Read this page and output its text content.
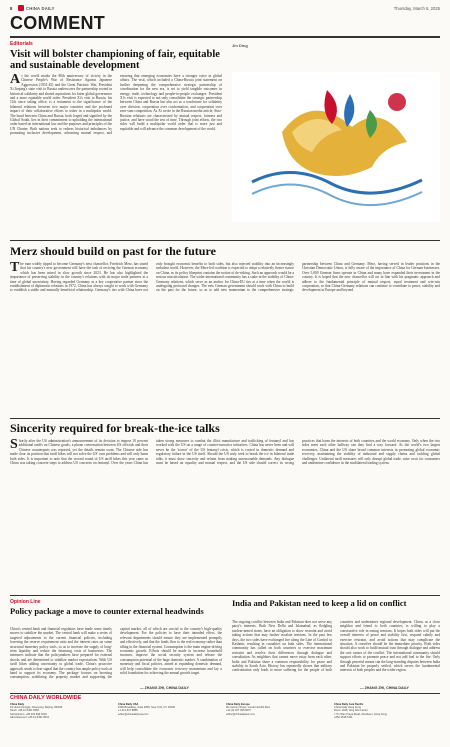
8	CHINA DAILY	Thursday, March 6, 2025
COMMENT
Editorials
Visit will bolster championing of fair, equitable and sustainable development
As the world marks the 80th anniversary of victory in the Chinese People's War of Resistance Against Japanese Aggression (1931-45) and the Great Patriotic War, President Xi Jinping's state visit to Russia underscores the partnership rooted in historical solidarity and shared aspirations for fairer global governance and a more equitable world order. President Xi's visit to Russia, his 11th since taking office, is a testament to the significance of the bilateral relations between two major countries and the profound impact of their collaborative efforts to usher in a multipolar world. The bond between China and Russia, both forged and signified by the Global South, lies in their commitment to upholding the international order based on international law and the purposes and principles of the UN Charter. Both nations seek to redress historical imbalances by promoting inclusive development, advancing mutual respect, and ensuring that emerging economies have a stronger voice in global affairs. The visit, which included a China-Russia joint statement on further deepening the comprehensive strategic partnership of coordination for the new era, is set to yield tangible outcomes in energy, trade, technology and people-to-people exchanges. President Xi's visit is expected to not only consolidate the strategic partnership between China and Russia but also act as a touchstone for solidarity over division, cooperation over confrontation, and cooperation over zero-sum competition. As Xi wrote in the Russian media article, Sino-Russian relations are characterized by mutual respect, fairness and justice, and have stood the test of time. Through joint efforts, the two sides will build a multipolar world order that is more just and equitable and will advance the common development of the world.
Jin Ding
Merz should build on past for the future
The man widely tipped to become Germany's next chancellor, Friedrich Merz, has stated that his country's new government will have the task of reviving the German economy which has been mired in slow growth since 2023. He has also highlighted the importance of preserving stability in the country's relations with its major trade partners at a time of global uncertainty. Having regarded Germany as a key cooperative partner since the establishment of diplomatic relations in 1972, China has always sought to work with Germany to establish a stable and mutually beneficial relationship. Germany's ties with China have not only brought economic benefits to both sides, but also injected stability into an increasingly turbulent world. However, the Merz-led coalition is expected to adopt a relatively firmer stance on China, as its policy blueprint contains the notion of de-risking. Such an approach would be a serious miscalculation. The wider international community has a stake in the stability of China-Germany relations, which serve as an anchor for China-EU ties at a time when the world is undergoing profound changes. The new German government should work with China to build on the past for the future, so as to add new momentum to the comprehensive strategic partnership between China and Germany. Merz, having served in leader positions in the Christian Democratic Union, is fully aware of the importance of China for German businesses. Over 5,000 German firms operate in China and many have expanded their investment in the country. It is hoped that the new chancellor will act in line with his pragmatic approach and adhere to the fundamental principle of mutual respect, equal treatment and win-win cooperation, so that China-Germany relations can continue to contribute to peace, stability and development in Europe and beyond.
Sincerity required for break-the-ice talks
Shortly after the US administration's announcement of its decision to impose 10 percent additional tariffs on Chinese goods, a phone conversation between US officials and their Chinese counterparts was reported, yet the details remain scant. The Chinese side has made clear its position that tariff hikes will not solve the US' own problems and will only harm both sides. It is important to note that the second round of US tariff hikes this year came as China was taking concrete steps to address US concerns on fentanyl. Over the years China has taken strong measures to combat the illicit manufacture and trafficking of fentanyl and has worked with the US on a range of counter-narcotics initiatives. China has never been and will never be the 'source' of the US fentanyl crisis, which is rooted in domestic demand and regulatory failure in the US itself. Should the US truly seek to break the ice in bilateral trade talks, it must show sincerity and refrain from making unreasonable demands. Any dialogue must be based on equality and mutual respect, and the US side should correct its wrong practices that harm the interests of both countries and the world economy. Only when the two sides meet each other halfway can they find a way forward. As the world's two largest economies, China and the US share broad common interests in promoting global economic recovery, maintaining the stability of industrial and supply chains and tackling global challenges. Unilateral tariff measures will only disrupt global trade, raise costs for consumers and undermine confidence in the multilateral trading system.
Opinion Line
Policy package a move to counter external headwinds
China's central bank and financial regulators have made some timely moves to stabilize the market. The central bank will make a series of targeted adjustments to the current financial policies, including lowering the reserve requirement ratio and the interest rates on some structural monetary policy tools, so as to increase the supply of long-term liquidity and reduce the financing costs of businesses. The measures indicate that the policymakers have prepared for external shocks and are determined to stabilize market expectations. With US tariff hikes adding uncertainty to global trade, China's proactive approach sends a clear signal that the country has ample policy tools at hand to support its economy. The package focuses on boosting consumption, stabilizing the property market and supporting the capital market, all of which are crucial to the country's high-quality development. For the policies to have their intended effect, the relevant departments should ensure they are implemented promptly and effectively, and that the funds flow to the real economy rather than idling in the financial system. Consumption is the main engine driving economic growth. Efforts should be made to increase household incomes, improve the social security system and release the consumption potential of the huge domestic market. A combination of monetary and fiscal policies, aimed at expanding domestic demand, will help consolidate the economic recovery momentum and lay a solid foundation for achieving the annual growth target.
— ZHANG ZHI, CHINA DAILY
India and Pakistan need to keep a lid on conflict
The ongoing conflict between India and Pakistan does not serve any party's interests. Both New Delhi and Islamabad, as fledgling nuclear-armed states, have an obligation to show restraint and avoid taking actions that may further escalate tensions. In the past few days, the two sides have exchanged fire along the Line of Control in Kashmir, resulting in casualties on both sides. The international community has called on both countries to exercise maximum restraint and resolve their differences through dialogue and consultation. As neighbors that cannot move away from each other, India and Pakistan share a common responsibility for peace and stability in South Asia. History has repeatedly shown that military confrontation only leads to more suffering for the people of both countries and undermines regional development. China, as a close neighbor and friend to both countries, is willing to play a constructive role in easing tensions. It hopes both sides will put the overall interests of peace and stability first, respond calmly and exercise restraint, and avoid actions that may complicate the situation. A ceasefire should be the immediate priority. Both sides should also work to build mutual trust through dialogue and address the root causes of the conflict. The international community should support efforts to promote peace and not add fuel to the fire. Only through peaceful means can the long-standing disputes between India and Pakistan be properly settled, which serves the fundamental interests of both peoples and the wider region.
— ZHANG ZHI, CHINA DAILY
CHINA DAILY WORLDWIDE
China Daily
15 Huixin Dongjie, Chaoyang, Beijing 100029
News: +86 10 6491 8366
Subscription: +86 400 699 0203
Advertisement: +86 10 6491 8631
China Daily USA
1500 Broadway, Suite 2800, New York, NY 10036
+1 212 537 8888
editor@chinadailyusa.com
China Daily Europe
90 Cannon Street, London EC4N 6HA
+44 (0) 207 398 8270
editor@chinadailyuk.com
China Daily Asia Pacific
China Daily Hong Kong
Room 1818, Hing Wai Centre
7 Tin Wan Praya Road, Aberdeen, Hong Kong
+852 2518 5111
